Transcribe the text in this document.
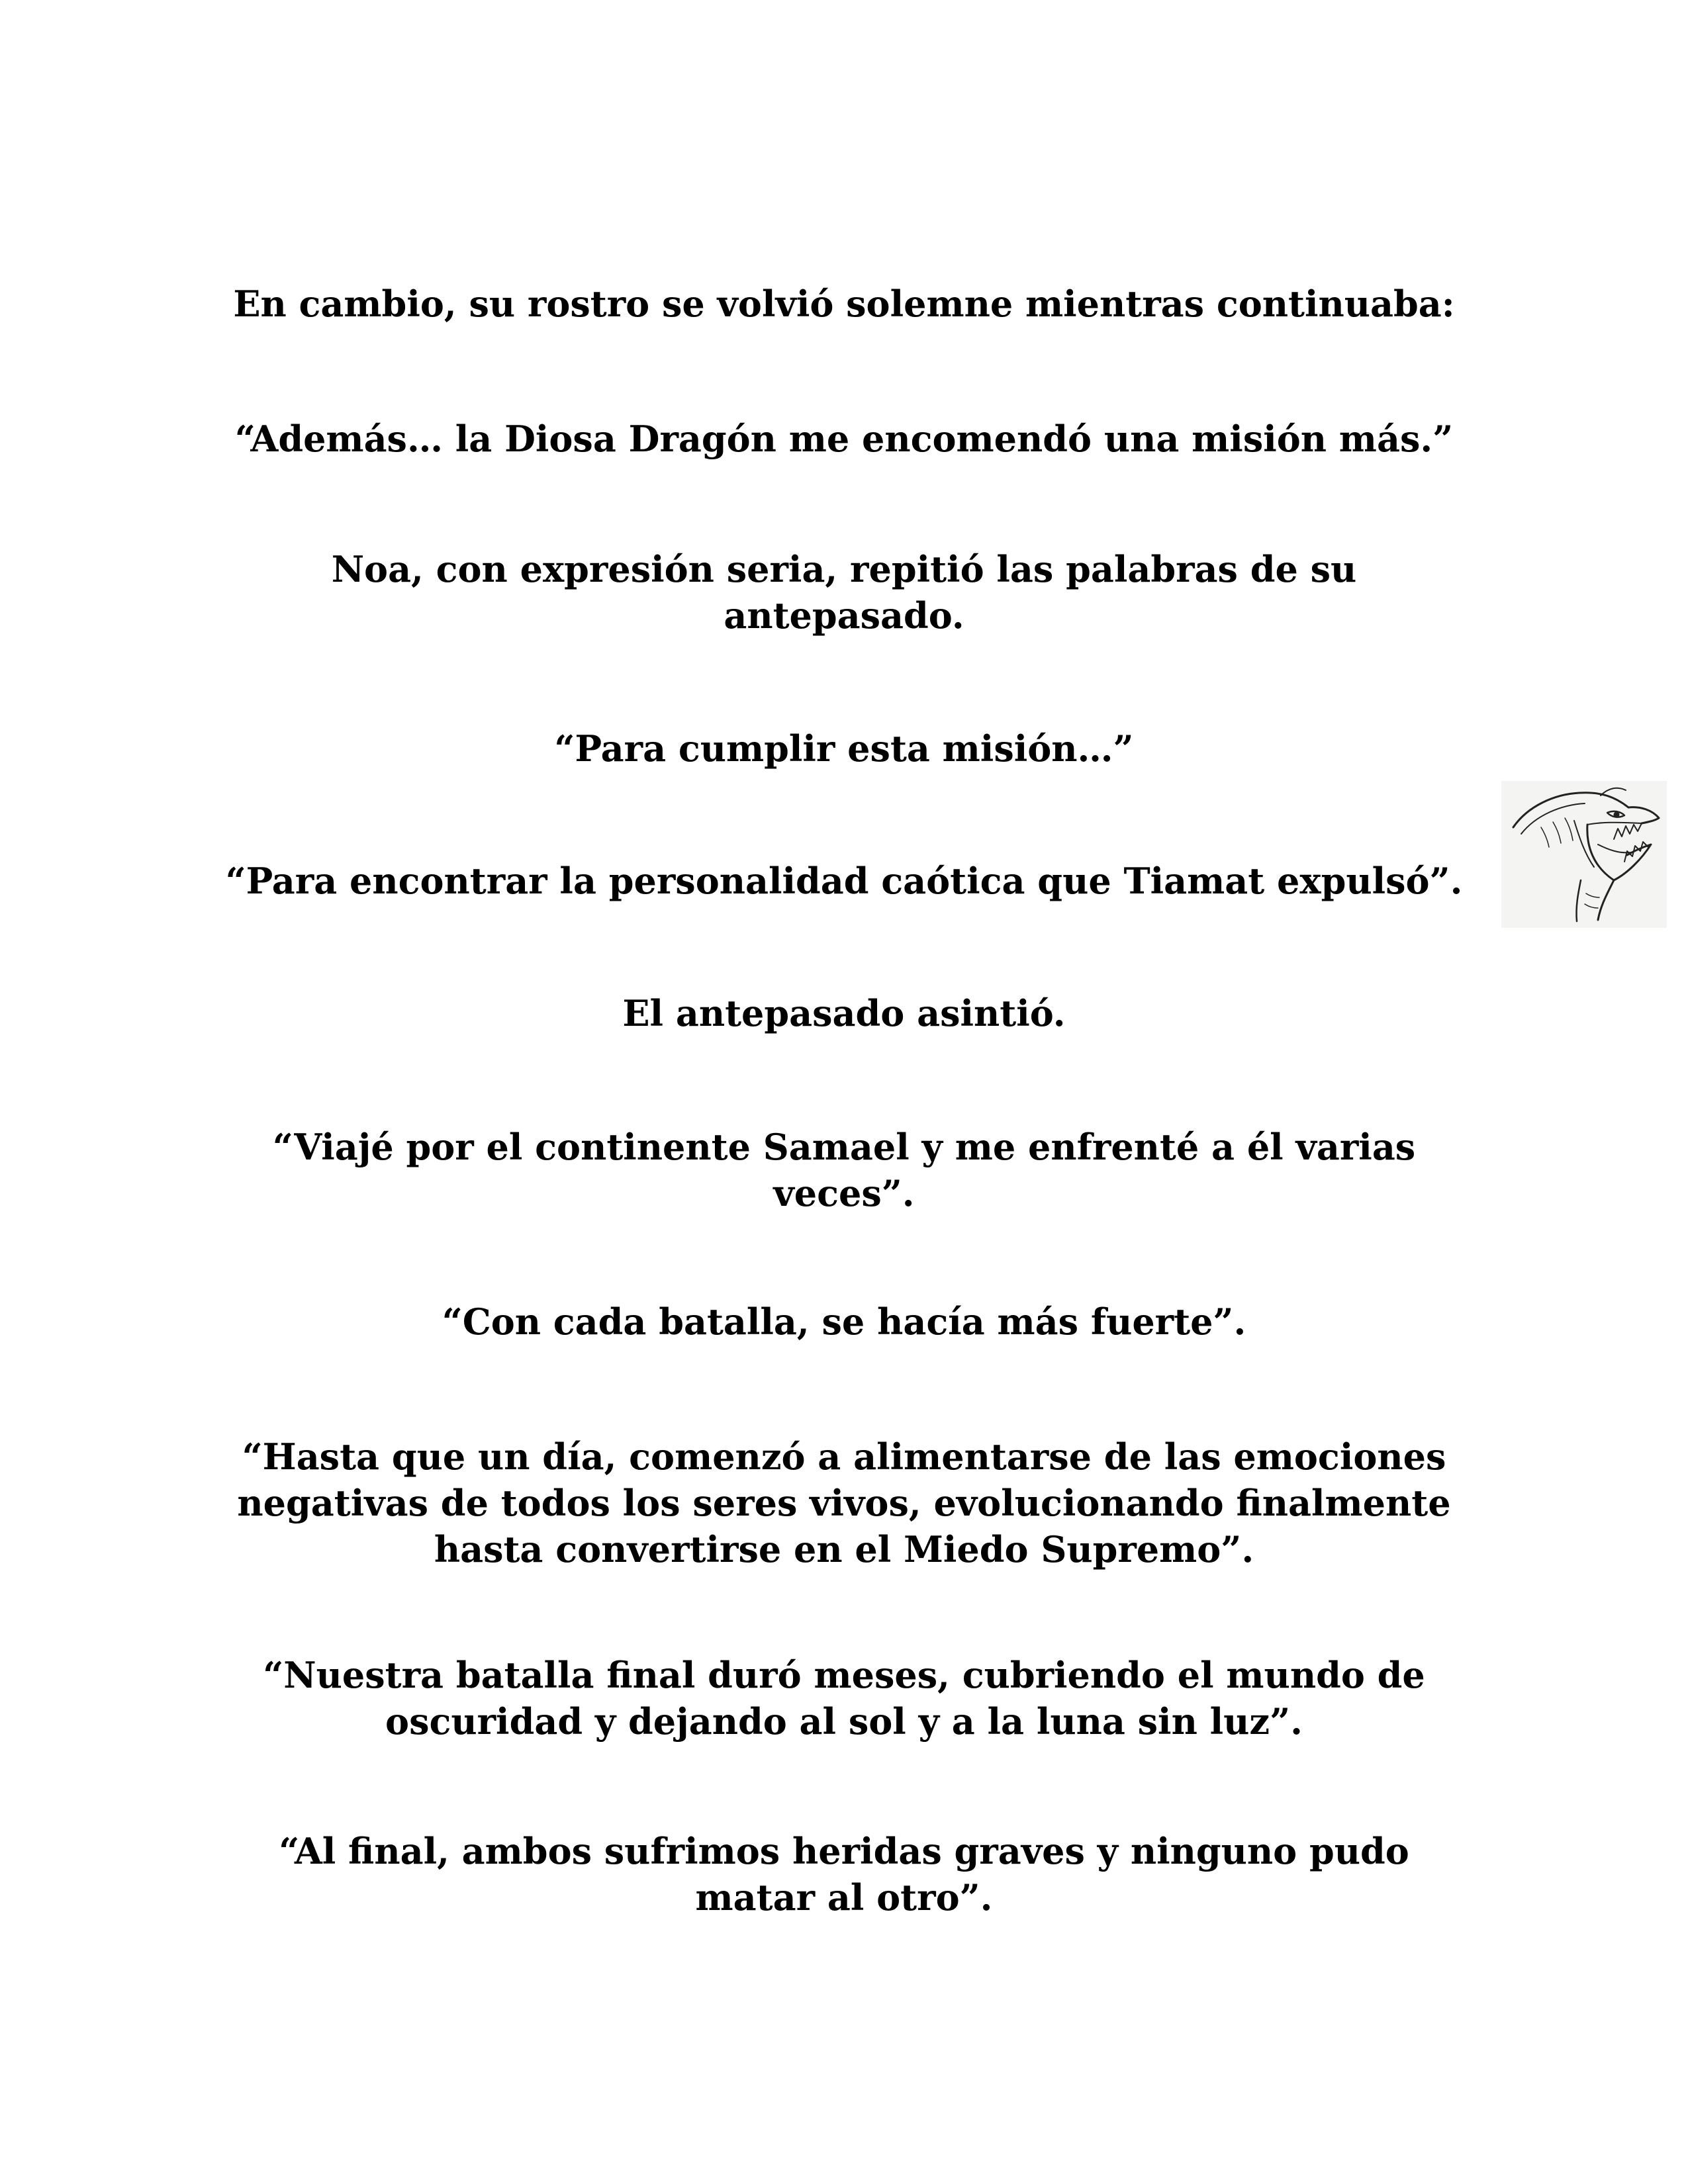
En cambio, su rostro se volvió solemne mientras continuaba:

“Además… la Diosa Dragón me encomendó una misión más.”

Noa, con expresión seria, repitió las palabras de su antepasado.

“Para cumplir esta misión…”

“Para encontrar la personalidad caótica que Tiamat expulsó”.

El antepasado asintió.

“Viajé por el continente Samael y me enfrenté a él varias veces”.

“Con cada batalla, se hacía más fuerte”.

“Hasta que un día, comenzó a alimentarse de las emociones negativas de todos los seres vivos, evolucionando finalmente hasta convertirse en el Miedo Supremo”.

“Nuestra batalla final duró meses, cubriendo el mundo de oscuridad y dejando al sol y a la luna sin luz”.

“Al final, ambos sufrimos heridas graves y ninguno pudo matar al otro”.
